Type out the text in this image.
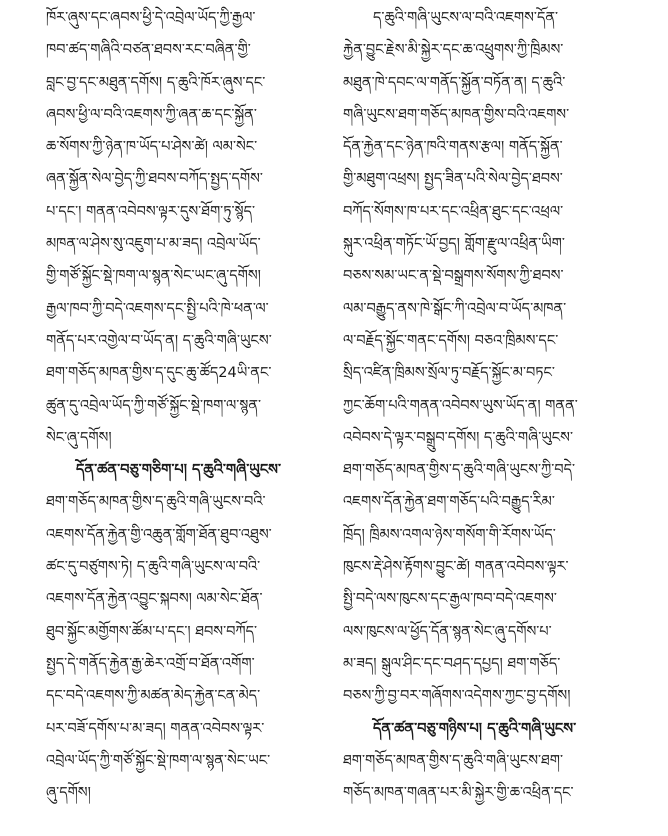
ཁོར་ཞུས་དང་ཞབས་ཕྱི་དེ་འབྲེལ་ཡོད་ཀྱི་རྒྱལ་
ཁབ་ཚད་གཞིའི་བཙན་ཐབས་རང་བཞིན་གྱི་
བླང་བྱ་དང་མཐུན་དགོས། ད་ཆུའི་ཁོར་ཞུས་དང་
ཞབས་ཕྱི་ལ་བའི་འཇགས་ཀྱི་ཞན་ཆ་དང་སྐྱོན་
ཆ་སོགས་ཀྱི་ཉེན་ཁ་ཡོད་པ་ཤེས་ཚེ། ལམ་སེང་
ཞན་སྐྱོན་སེལ་བྱེད་ཀྱི་ཐབས་བཀོད་སྤྱད་དགོས་
པ་དང་། གནན་འབེབས་ལྟར་དུས་ཐོག་ཏུ་སྙོད་
མཁན་ལ་ཤེས་སུ་འཇུག་པ་མ་ཟད། འབྲེལ་ཡོད་
གྱི་གཙོ་སྐྱོང་སྡེ་ཁག་ལ་སྙན་སེང་ཡང་ཞུ་དགོས།
རྒྱལ་ཁབ་ཀྱི་བདེ་འཇགས་དང་སྤྱི་པའི་ཁེ་ཕན་ལ་
གནོད་པར་འགྱེལ་བ་ཡོད་ན། ད་ཆུའི་གཞི་ཡུངས་
ཐག་གཅོད་མཁན་གྱིས་ད་དུང་ཆུ་ཚོད24ཡི་ནང་
ཚུན་དུ་འབྲེལ་ཡོད་ཀྱི་གཙོ་སྐྱོང་སྡེ་ཁག་ལ་སྙན་
སེང་ཞུ་དགོས།
དོན་ཚན་བཅུ་གཅིག་པ། ད་ཆུའི་གཞི་ཡུངས་
ཐག་གཅོད་མཁན་གྱིས་ད་ཆུའི་གཞི་ཡུངས་བའི་
འཇགས་དོན་རྐྱེན་གྱི་འཆུན་གློག་ཐོན་ཐུབ་འཐུས་
ཚང་དུ་བཙུགས་ཏེ། ད་ཆུའི་གཞི་ཡུངས་ལ་བའི་
འཇགས་དོན་རྐྱེན་འབྱུང་སྐབས། ལམ་སེང་ཐོན་
ཐུབ་སྐྱོང་མགྱོགས་ཚོམ་པ་དང་། ཐབས་བཀོད་
སྤྱད་དེ་གནོད་རྐྱེན་རྒྱ་ཆེར་འགྲོ་བ་ཐོན་འགོག་
དང་བདེ་འཇགས་ཀྱི་མཚན་མེད་རྐྱེན་ངན་མེད་
པར་བཟོ་དགོས་པ་མ་ཟད། གནན་འབེབས་ལྟར་
འབྲེལ་ཡོད་ཀྱི་གཙོ་སྐྱོང་སྡེ་ཁག་ལ་སྙན་སེང་ཡང་
ཞུ་དགོས།
ད་ཆུའི་གཞི་ཡུངས་ལ་བའི་འཇགས་དོན་
རྐྱེན་བྱུང་རྗེས་མི་སྐྱེར་དང་ཆ་འཕྲུགས་ཀྱི་ཁྲིམས་
མཐུན་ཁེ་དབང་ལ་གནོད་སྐྱོན་བཏོན་ན། ད་ཆུའི་
གཞི་ཡུངས་ཐག་གཅོད་མཁན་གྱིས་བའི་འཇགས་
དོན་རྐྱེན་དང་ཉེན་ཁའི་གནས་རྩལ། གནོད་སྐྱོན་
གྱི་མཐུག་འཕྲས། སྤྱད་ཟིན་པའི་སེལ་བྱེད་ཐབས་
བཀོད་སོགས་ཁ་པར་དང་འཕྲིན་ཐུང་དང་འཕྲལ་
སྐུར་འཕྲིན་གཏོང་ཡོ་བྱད། གློག་རྫུལ་འཕྲིན་ཡིག་
བཅས་སམ་ཡང་ན་སྡེ་བསྒྲགས་སོགས་ཀྱི་ཐབས་
ལམ་བརྒྱུད་ནས་ཁེ་སྒོང་ཀི་འབྲེལ་བ་ཡོད་མཁན་
ལ་བརྗོད་སྐྱོང་གནང་དགོས། བཅའ་ཁྲིམས་དང་
སྲིད་འཛིན་ཁྲིམས་སྲོལ་ཏུ་བརྗོད་སྐྱོང་མ་བཏང་
ཀྱང་ཆོག་པའི་གནན་འབེབས་ཡུས་ཡོད་ན། གནན་
འབེབས་དེ་ལྟར་བསྒྲུབ་དགོས། ད་ཆུའི་གཞི་ཡུངས་
ཐག་གཅོད་མཁན་གྱིས་ད་ཆུའི་གཞི་ཡུངས་ཀྱི་བདེ་
འཇགས་དོན་རྐྱེན་ཐག་གཅོད་པའི་བརྒྱུད་རིམ་
ཁྲོད། ཁྲིམས་འགལ་ཉེས་གསོག་གི་རོགས་ཡོད་
ཁུངས་རྡེ་ཤེས་རྟོགས་བྱུང་ཚེ། གནན་འབེབས་ལྟར་
སྤྱི་བདེ་ལས་ཁུངས་དང་རྒྱལ་ཁབ་བདེ་འཇགས་
ལས་ཁུངས་ལ་ཕྱོད་དོན་སྙན་སེང་ཞུ་དགོས་པ་
མ་ཟད། སྒུལ་ཤིང་དང་བཤད་དཔྱད། ཐག་གཅོད་
བཅས་ཀྱི་བྱ་བར་གཞོགས་འདེགས་ཀྱང་བྱ་དགོས།
དོན་ཚན་བཅུ་གཉིས་པ། ད་ཆུའི་གཞི་ཡུངས་
ཐག་གཅོད་མཁན་གྱིས་ད་ཆུའི་གཞི་ཡུངས་ཐག་
གཅོད་མཁན་གཞན་པར་མི་སྐྱེར་གྱི་ཆ་འཕྲིན་དང་
